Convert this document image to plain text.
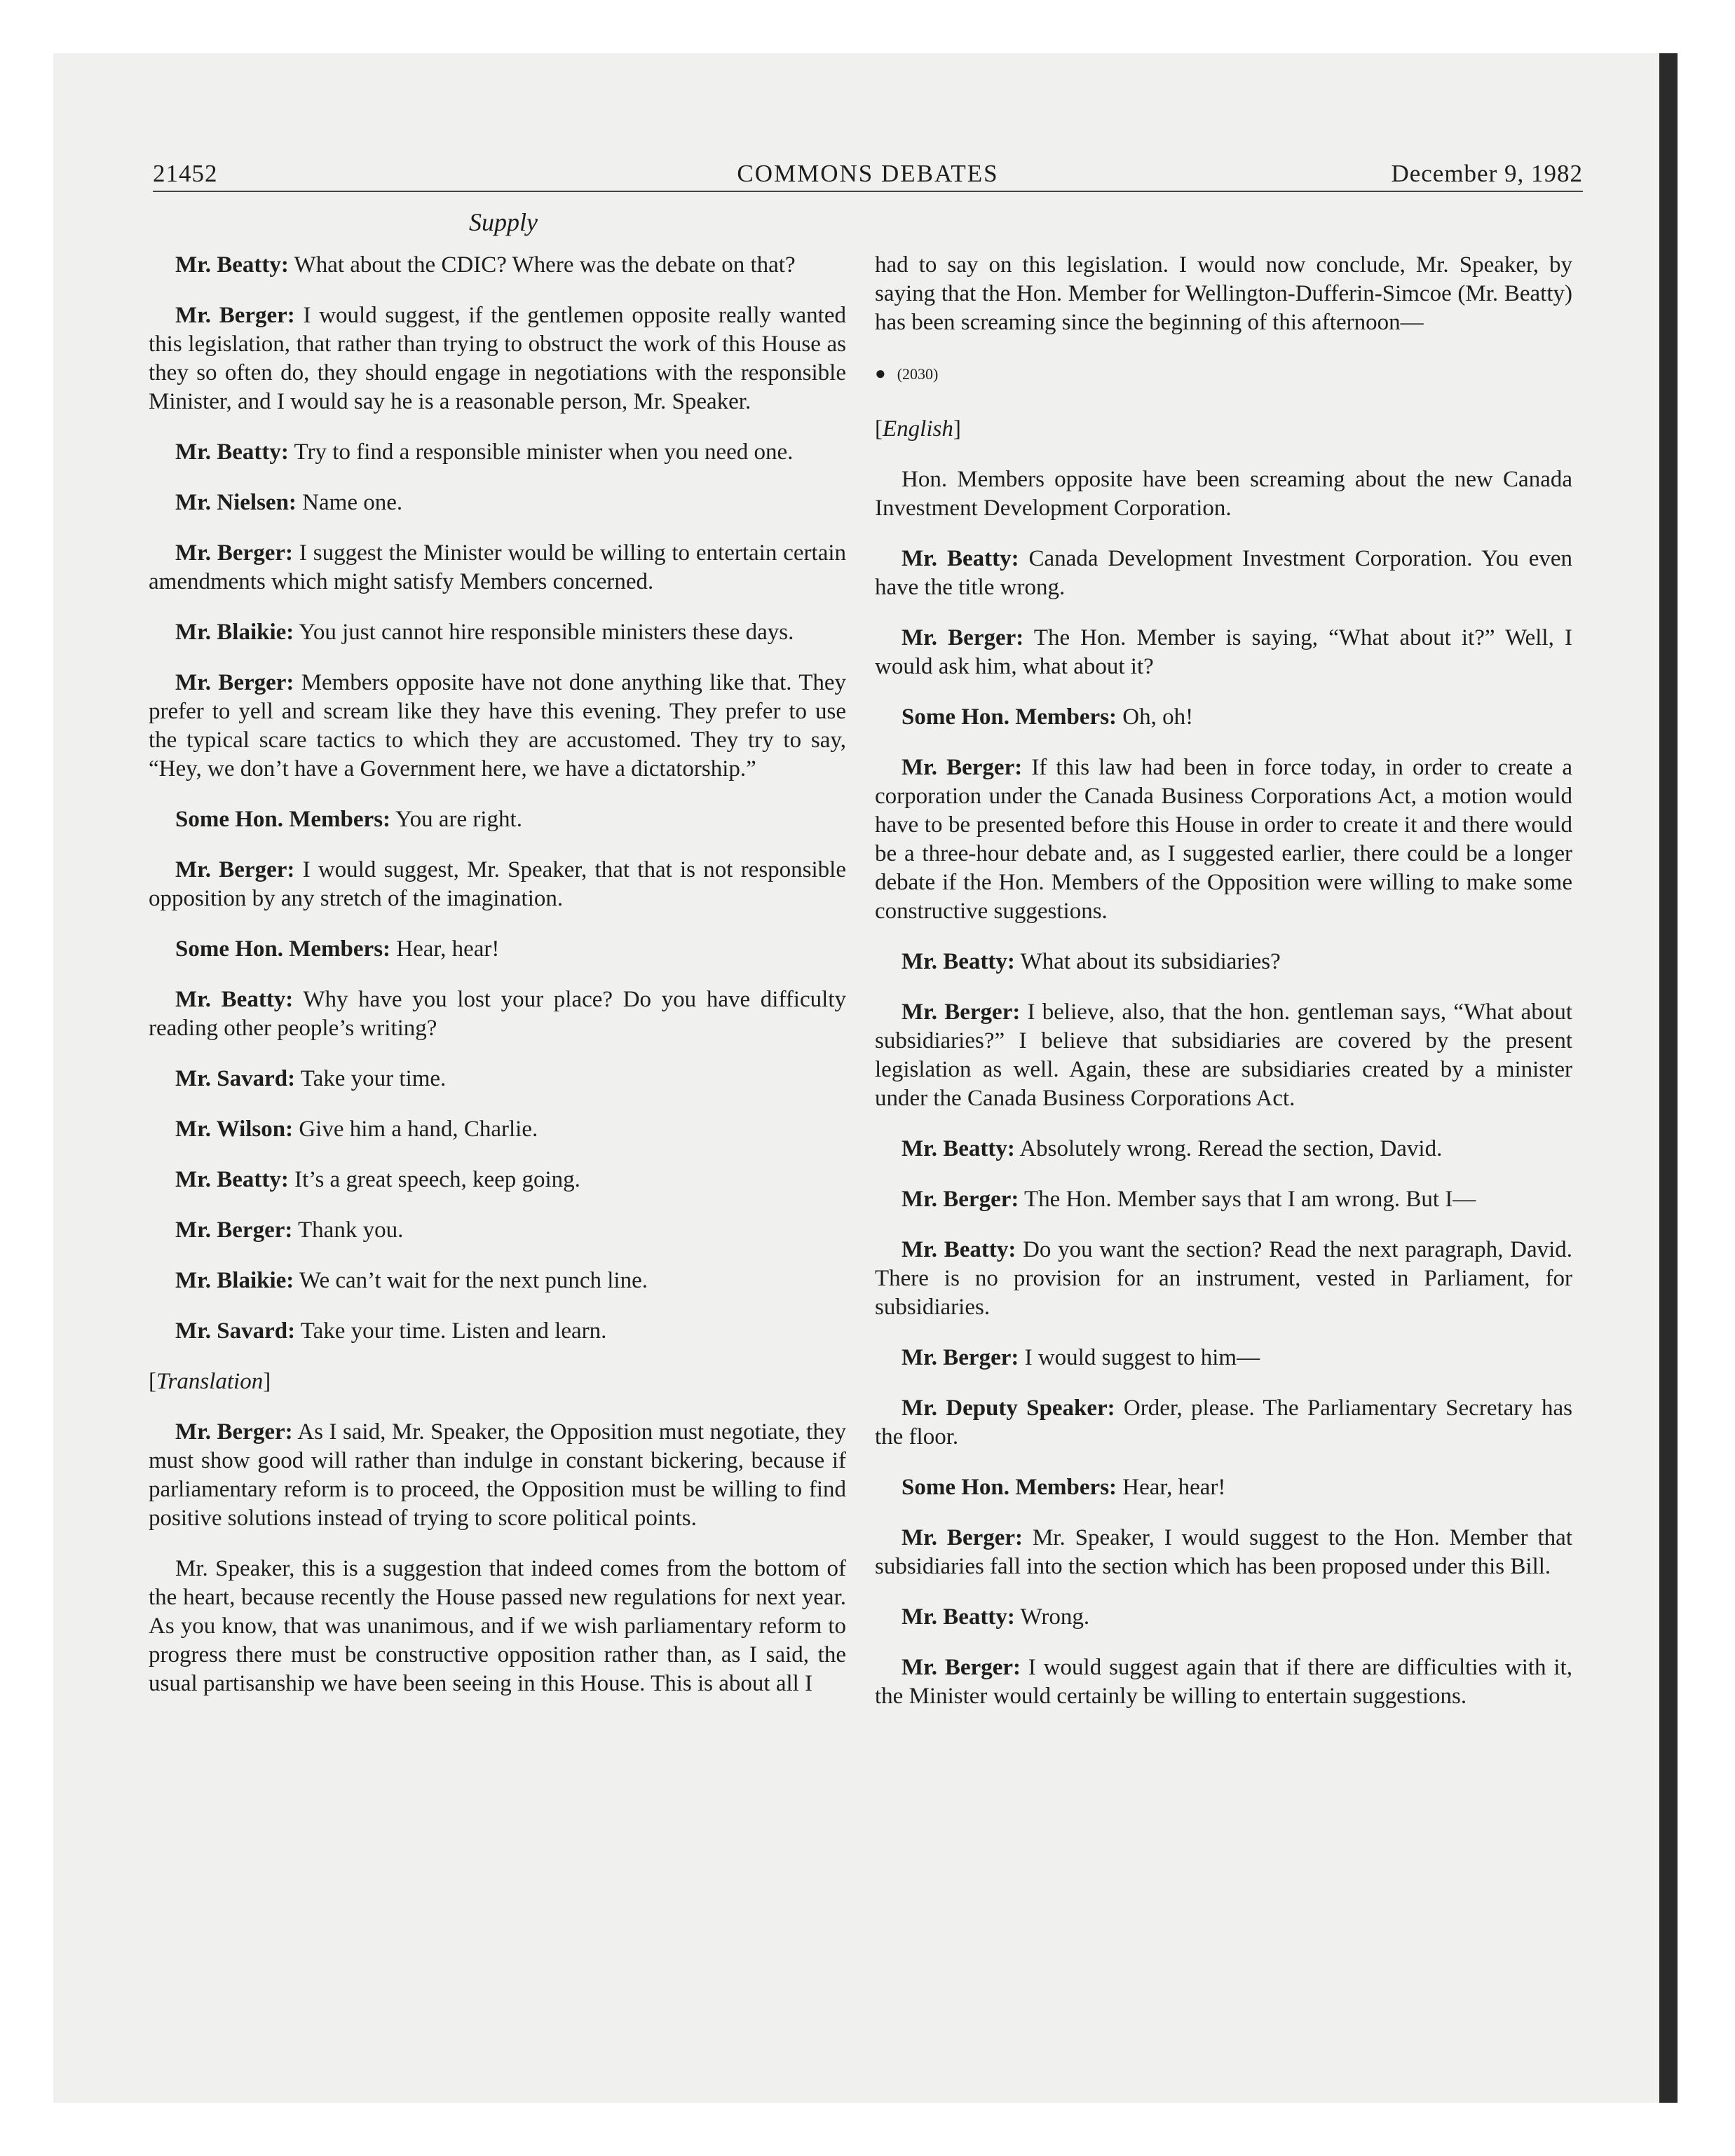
21452	COMMONS DEBATES	December 9, 1982
Supply

Mr. Beatty: What about the CDIC? Where was the debate on that?

Mr. Berger: I would suggest, if the gentlemen opposite really wanted this legislation, that rather than trying to obstruct the work of this House as they so often do, they should engage in negotiations with the responsible Minister, and I would say he is a reasonable person, Mr. Speaker.

Mr. Beatty: Try to find a responsible minister when you need one.

Mr. Nielsen: Name one.

Mr. Berger: I suggest the Minister would be willing to entertain certain amendments which might satisfy Members concerned.

Mr. Blaikie: You just cannot hire responsible ministers these days.

Mr. Berger: Members opposite have not done anything like that. They prefer to yell and scream like they have this evening. They prefer to use the typical scare tactics to which they are accustomed. They try to say, “Hey, we don’t have a Government here, we have a dictatorship.”

Some Hon. Members: You are right.

Mr. Berger: I would suggest, Mr. Speaker, that that is not responsible opposition by any stretch of the imagination.

Some Hon. Members: Hear, hear!

Mr. Beatty: Why have you lost your place? Do you have difficulty reading other people’s writing?

Mr. Savard: Take your time.

Mr. Wilson: Give him a hand, Charlie.

Mr. Beatty: It’s a great speech, keep going.

Mr. Berger: Thank you.

Mr. Blaikie: We can’t wait for the next punch line.

Mr. Savard: Take your time. Listen and learn.

[Translation]

Mr. Berger: As I said, Mr. Speaker, the Opposition must negotiate, they must show good will rather than indulge in constant bickering, because if parliamentary reform is to proceed, the Opposition must be willing to find positive solutions instead of trying to score political points.

Mr. Speaker, this is a suggestion that indeed comes from the bottom of the heart, because recently the House passed new regulations for next year. As you know, that was unanimous, and if we wish parliamentary reform to progress there must be constructive opposition rather than, as I said, the usual partisanship we have been seeing in this House. This is about all I

had to say on this legislation. I would now conclude, Mr. Speaker, by saying that the Hon. Member for Wellington-Dufferin-Simcoe (Mr. Beatty) has been screaming since the beginning of this afternoon—

● (2030)

[English]

Hon. Members opposite have been screaming about the new Canada Investment Development Corporation.

Mr. Beatty: Canada Development Investment Corporation. You even have the title wrong.

Mr. Berger: The Hon. Member is saying, “What about it?” Well, I would ask him, what about it?

Some Hon. Members: Oh, oh!

Mr. Berger: If this law had been in force today, in order to create a corporation under the Canada Business Corporations Act, a motion would have to be presented before this House in order to create it and there would be a three-hour debate and, as I suggested earlier, there could be a longer debate if the Hon. Members of the Opposition were willing to make some constructive suggestions.

Mr. Beatty: What about its subsidiaries?

Mr. Berger: I believe, also, that the hon. gentleman says, “What about subsidiaries?” I believe that subsidiaries are covered by the present legislation as well. Again, these are subsidiaries created by a minister under the Canada Business Corporations Act.

Mr. Beatty: Absolutely wrong. Reread the section, David.

Mr. Berger: The Hon. Member says that I am wrong. But I—

Mr. Beatty: Do you want the section? Read the next paragraph, David. There is no provision for an instrument, vested in Parliament, for subsidiaries.

Mr. Berger: I would suggest to him—

Mr. Deputy Speaker: Order, please. The Parliamentary Secretary has the floor.

Some Hon. Members: Hear, hear!

Mr. Berger: Mr. Speaker, I would suggest to the Hon. Member that subsidiaries fall into the section which has been proposed under this Bill.

Mr. Beatty: Wrong.

Mr. Berger: I would suggest again that if there are difficulties with it, the Minister would certainly be willing to entertain suggestions.
